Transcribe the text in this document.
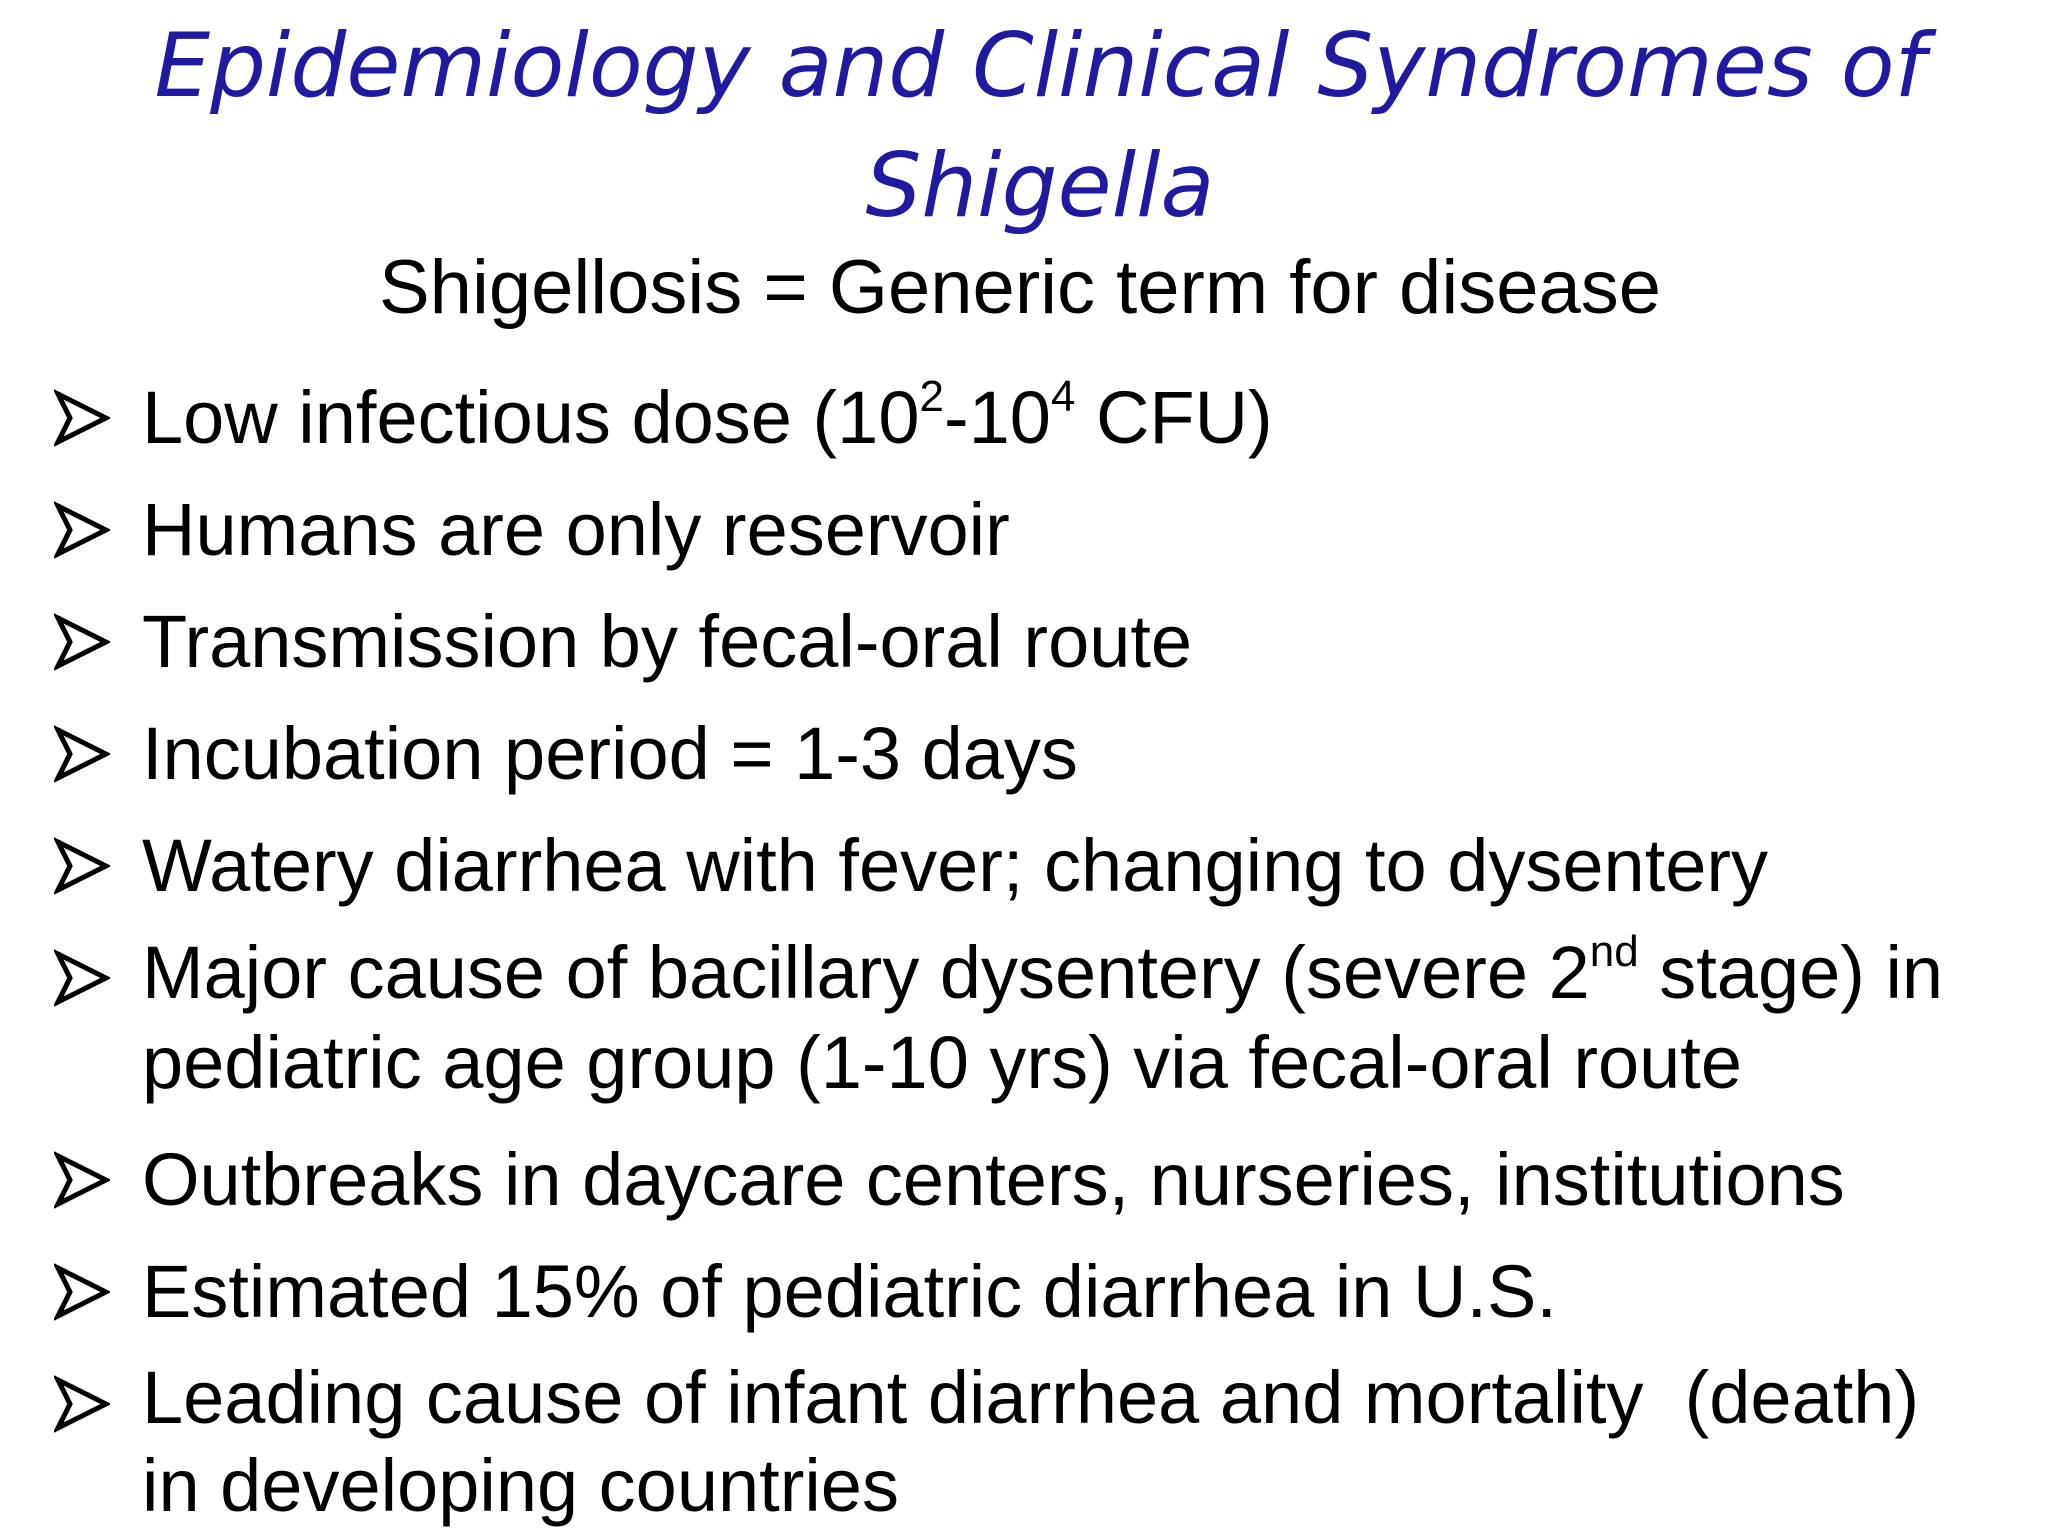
Epidemiology and Clinical Syndromes of
Shigella
Shigellosis = Generic term for disease
Low infectious dose ($10^2-10^4$ CFU)
Humans are only reservoir
Transmission by fecal-oral route
Incubation period = 1-3 days
Watery diarrhea with fever; changing to dysentery
Major cause of bacillary dysentery (severe 2nd stage) in
pediatric age group (1-10 yrs) via fecal-oral route
Outbreaks in daycare centers, nurseries, institutions
Estimated 15% of pediatric diarrhea in U.S.
Leading cause of infant diarrhea and mortality  (death)
in developing countries
